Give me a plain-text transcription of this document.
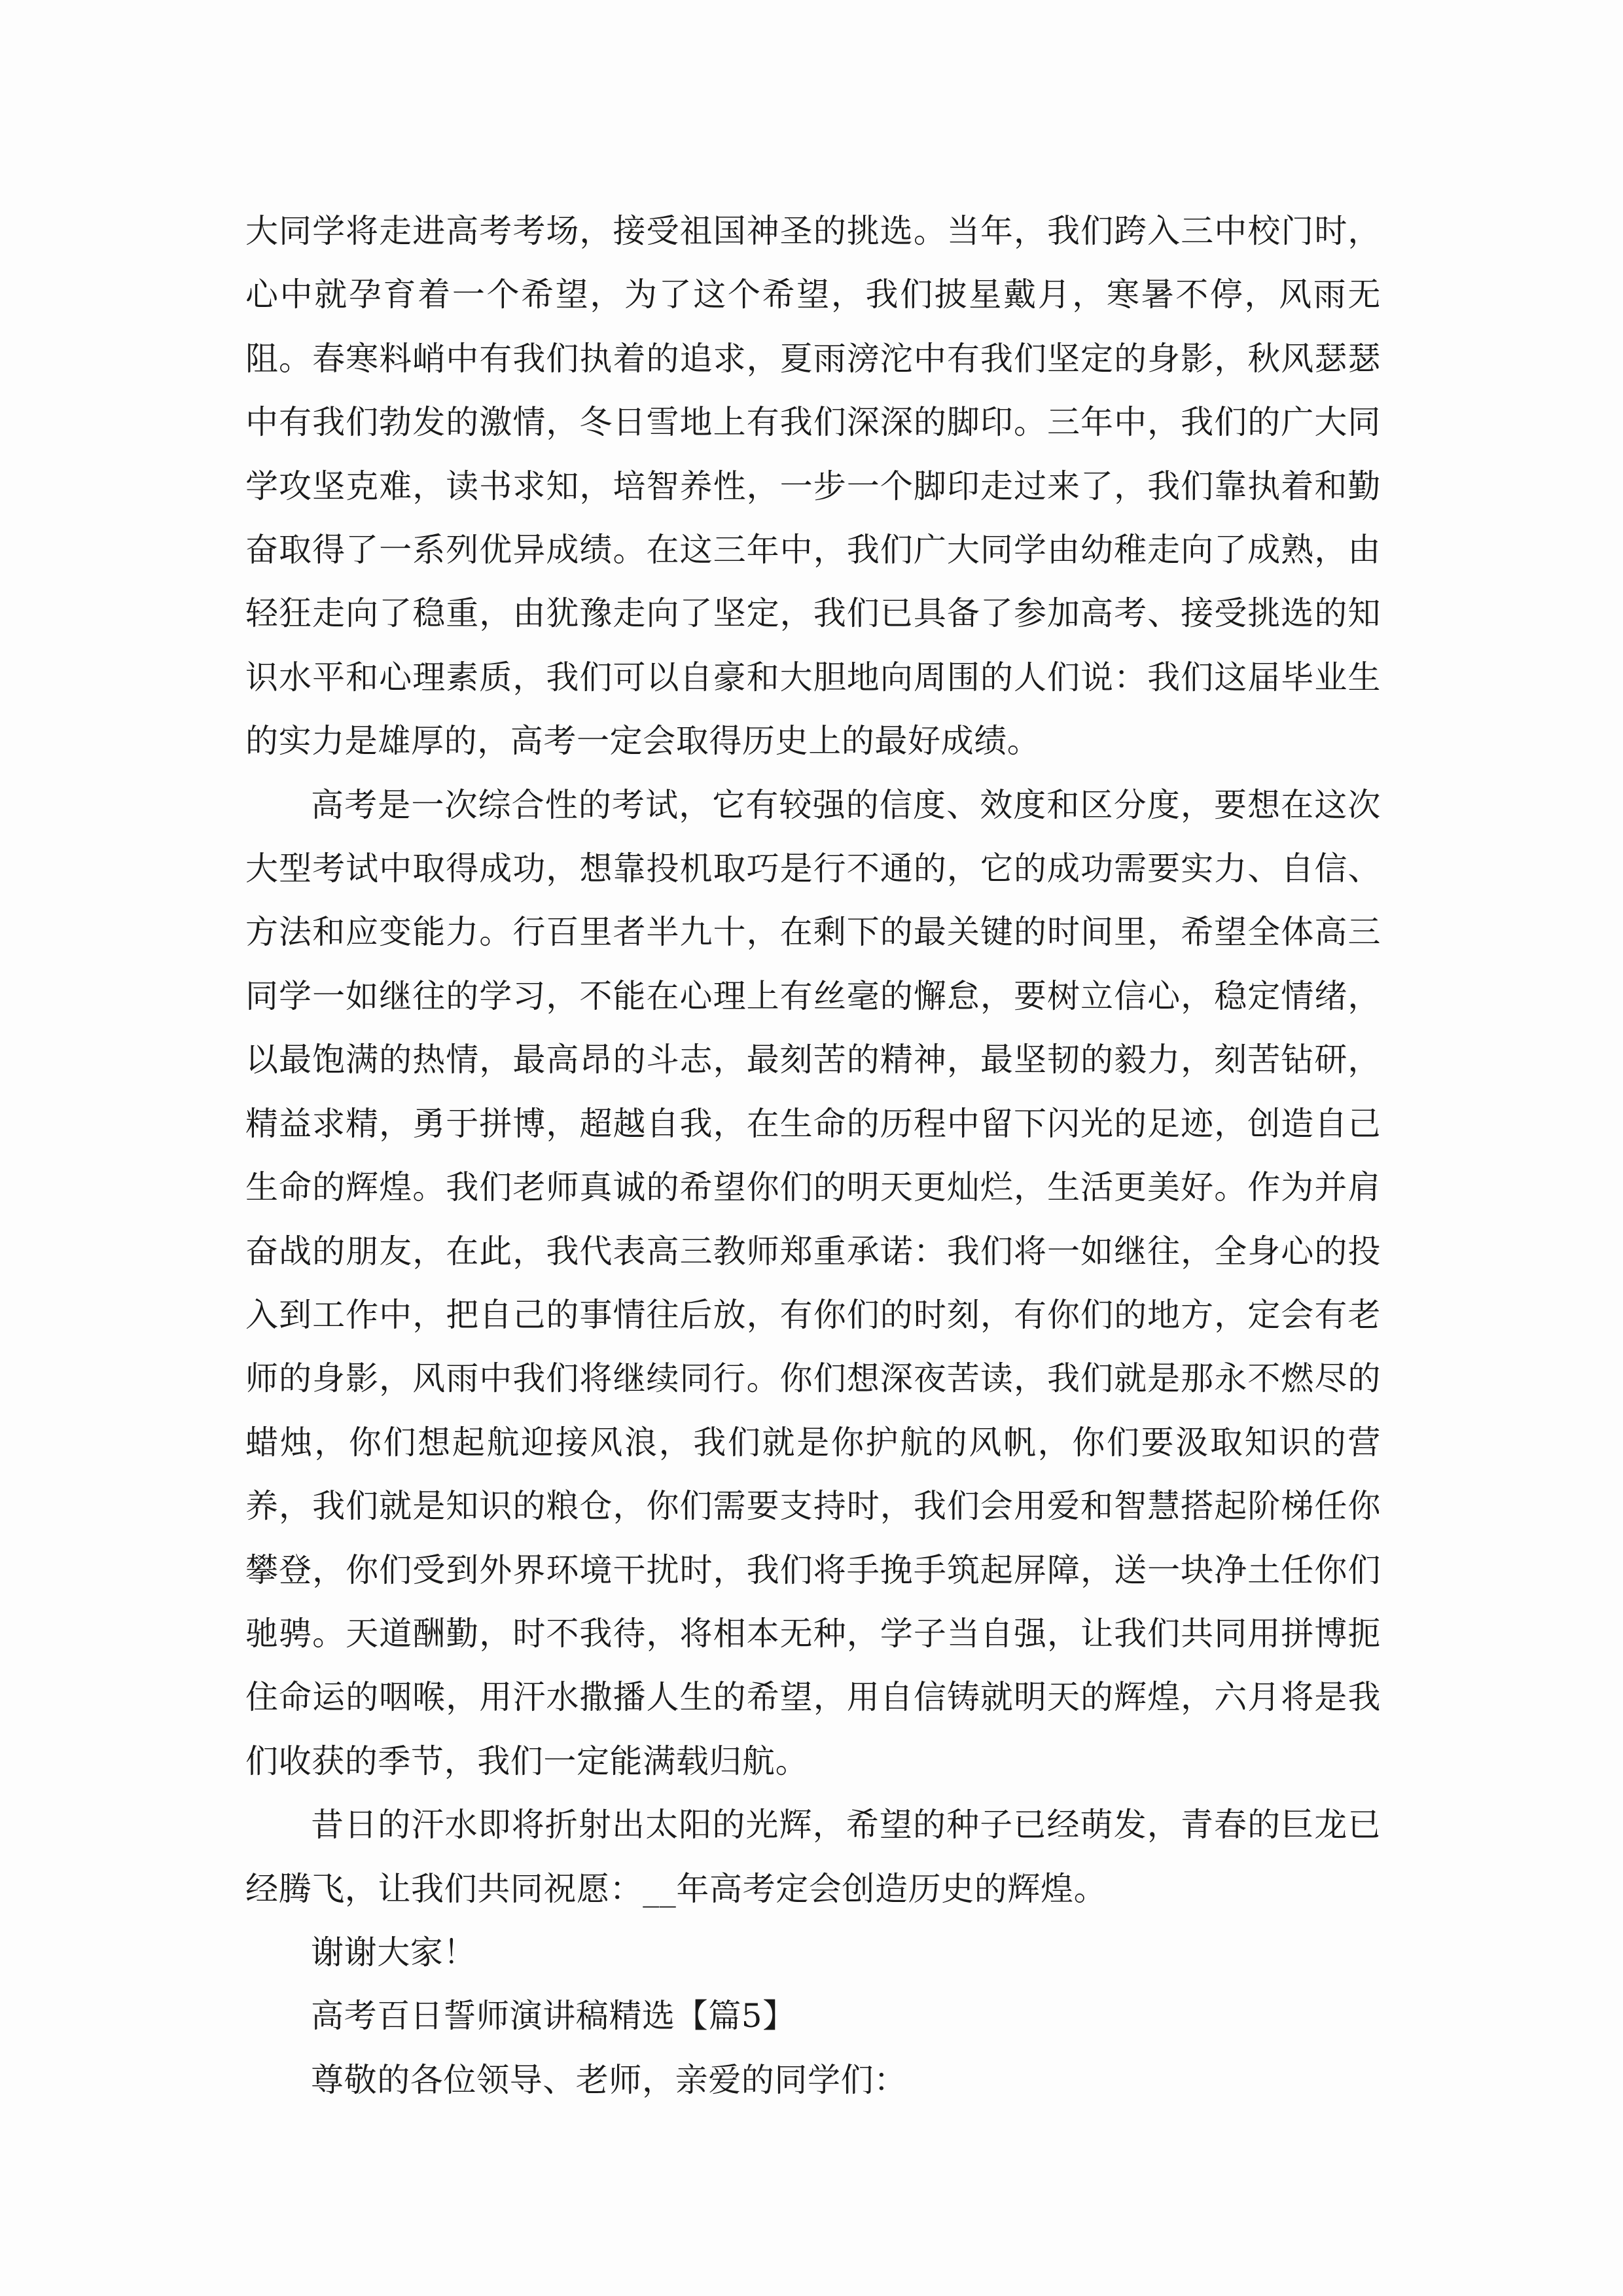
大同学将走进高考考场，接受祖国神圣的挑选。当年，我们跨入三中校门时，心中就孕育着一个希望，为了这个希望，我们披星戴月，寒暑不停，风雨无阻。春寒料峭中有我们执着的追求，夏雨滂沱中有我们坚定的身影，秋风瑟瑟中有我们勃发的激情，冬日雪地上有我们深深的脚印。三年中，我们的广大同学攻坚克难，读书求知，培智养性，一步一个脚印走过来了，我们靠执着和勤奋取得了一系列优异成绩。在这三年中，我们广大同学由幼稚走向了成熟，由轻狂走向了稳重，由犹豫走向了坚定，我们已具备了参加高考、接受挑选的知识水平和心理素质，我们可以自豪和大胆地向周围的人们说：我们这届毕业生的实力是雄厚的，高考一定会取得历史上的最好成绩。

高考是一次综合性的考试，它有较强的信度、效度和区分度，要想在这次大型考试中取得成功，想靠投机取巧是行不通的，它的成功需要实力、自信、方法和应变能力。行百里者半九十，在剩下的最关键的时间里，希望全体高三同学一如继往的学习，不能在心理上有丝毫的懈怠，要树立信心，稳定情绪，以最饱满的热情，最高昂的斗志，最刻苦的精神，最坚韧的毅力，刻苦钻研，精益求精，勇于拼博，超越自我，在生命的历程中留下闪光的足迹，创造自己生命的辉煌。我们老师真诚的希望你们的明天更灿烂，生活更美好。作为并肩奋战的朋友，在此，我代表高三教师郑重承诺：我们将一如继往，全身心的投入到工作中，把自己的事情往后放，有你们的时刻，有你们的地方，定会有老师的身影，风雨中我们将继续同行。你们想深夜苦读，我们就是那永不燃尽的蜡烛，你们想起航迎接风浪，我们就是你护航的风帆，你们要汲取知识的营养，我们就是知识的粮仓，你们需要支持时，我们会用爱和智慧搭起阶梯任你攀登，你们受到外界环境干扰时，我们将手挽手筑起屏障，送一块净土任你们驰骋。天道酬勤，时不我待，将相本无种，学子当自强，让我们共同用拼博扼住命运的咽喉，用汗水撒播人生的希望，用自信铸就明天的辉煌，六月将是我们收获的季节，我们一定能满载归航。

昔日的汗水即将折射出太阳的光辉，希望的种子已经萌发，青春的巨龙已经腾飞，让我们共同祝愿：__年高考定会创造历史的辉煌。

谢谢大家！

高考百日誓师演讲稿精选【篇5】

尊敬的各位领导、老师，亲爱的同学们：
